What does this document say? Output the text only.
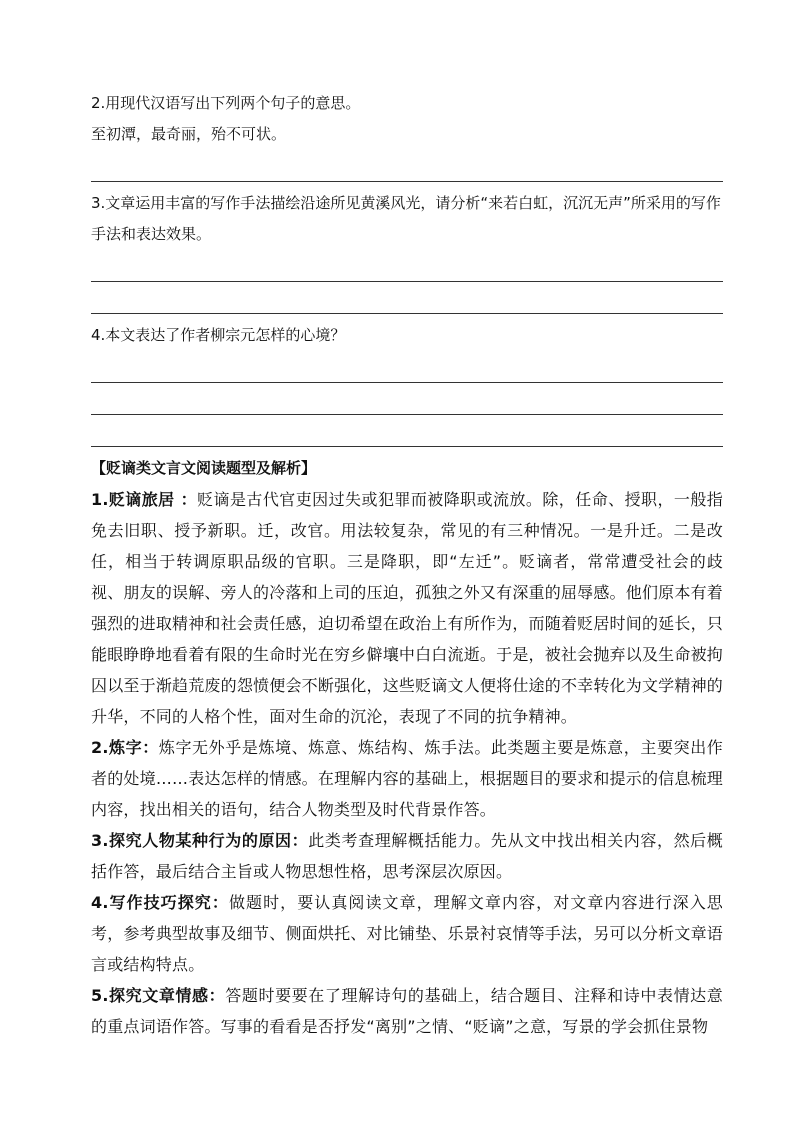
2.用现代汉语写出下列两个句子的意思。

至初潭，最奇丽，殆不可状。

3.文章运用丰富的写作手法描绘沿途所见黄溪风光，请分析“来若白虹，沉沉无声”所采用的写作手法和表达效果。

4.本文表达了作者柳宗元怎样的心境？

【贬谪类文言文阅读题型及解析】

1.贬谪旅居 ：贬谪是古代官吏因过失或犯罪而被降职或流放。除，任命、授职，一般指免去旧职、授予新职。迁，改官。用法较复杂，常见的有三种情况。一是升迁。二是改任，相当于转调原职品级的官职。三是降职，即“左迁”。贬谪者，常常遭受社会的歧视、朋友的误解、旁人的冷落和上司的压迫，孤独之外又有深重的屈辱感。他们原本有着强烈的进取精神和社会责任感，迫切希望在政治上有所作为，而随着贬居时间的延长，只能眼睁睁地看着有限的生命时光在穷乡僻壤中白白流逝。于是，被社会抛弃以及生命被拘囚以至于渐趋荒废的怨愤便会不断强化，这些贬谪文人便将仕途的不幸转化为文学精神的升华，不同的人格个性，面对生命的沉沦，表现了不同的抗争精神。

2.炼字：炼字无外乎是炼境、炼意、炼结构、炼手法。此类题主要是炼意，主要突出作者的处境……表达怎样的情感。在理解内容的基础上，根据题目的要求和提示的信息梳理内容，找出相关的语句，结合人物类型及时代背景作答。

3.探究人物某种行为的原因：此类考查理解概括能力。先从文中找出相关内容，然后概括作答，最后结合主旨或人物思想性格，思考深层次原因。

4.写作技巧探究：做题时，要认真阅读文章，理解文章内容，对文章内容进行深入思考，参考典型故事及细节、侧面烘托、对比铺垫、乐景衬哀情等手法，另可以分析文章语言或结构特点。

5.探究文章情感：答题时要要在了理解诗句的基础上，结合题目、注释和诗中表情达意的重点词语作答。写事的看看是否抒发“离别”之情、“贬谪”之意，写景的学会抓住景物
